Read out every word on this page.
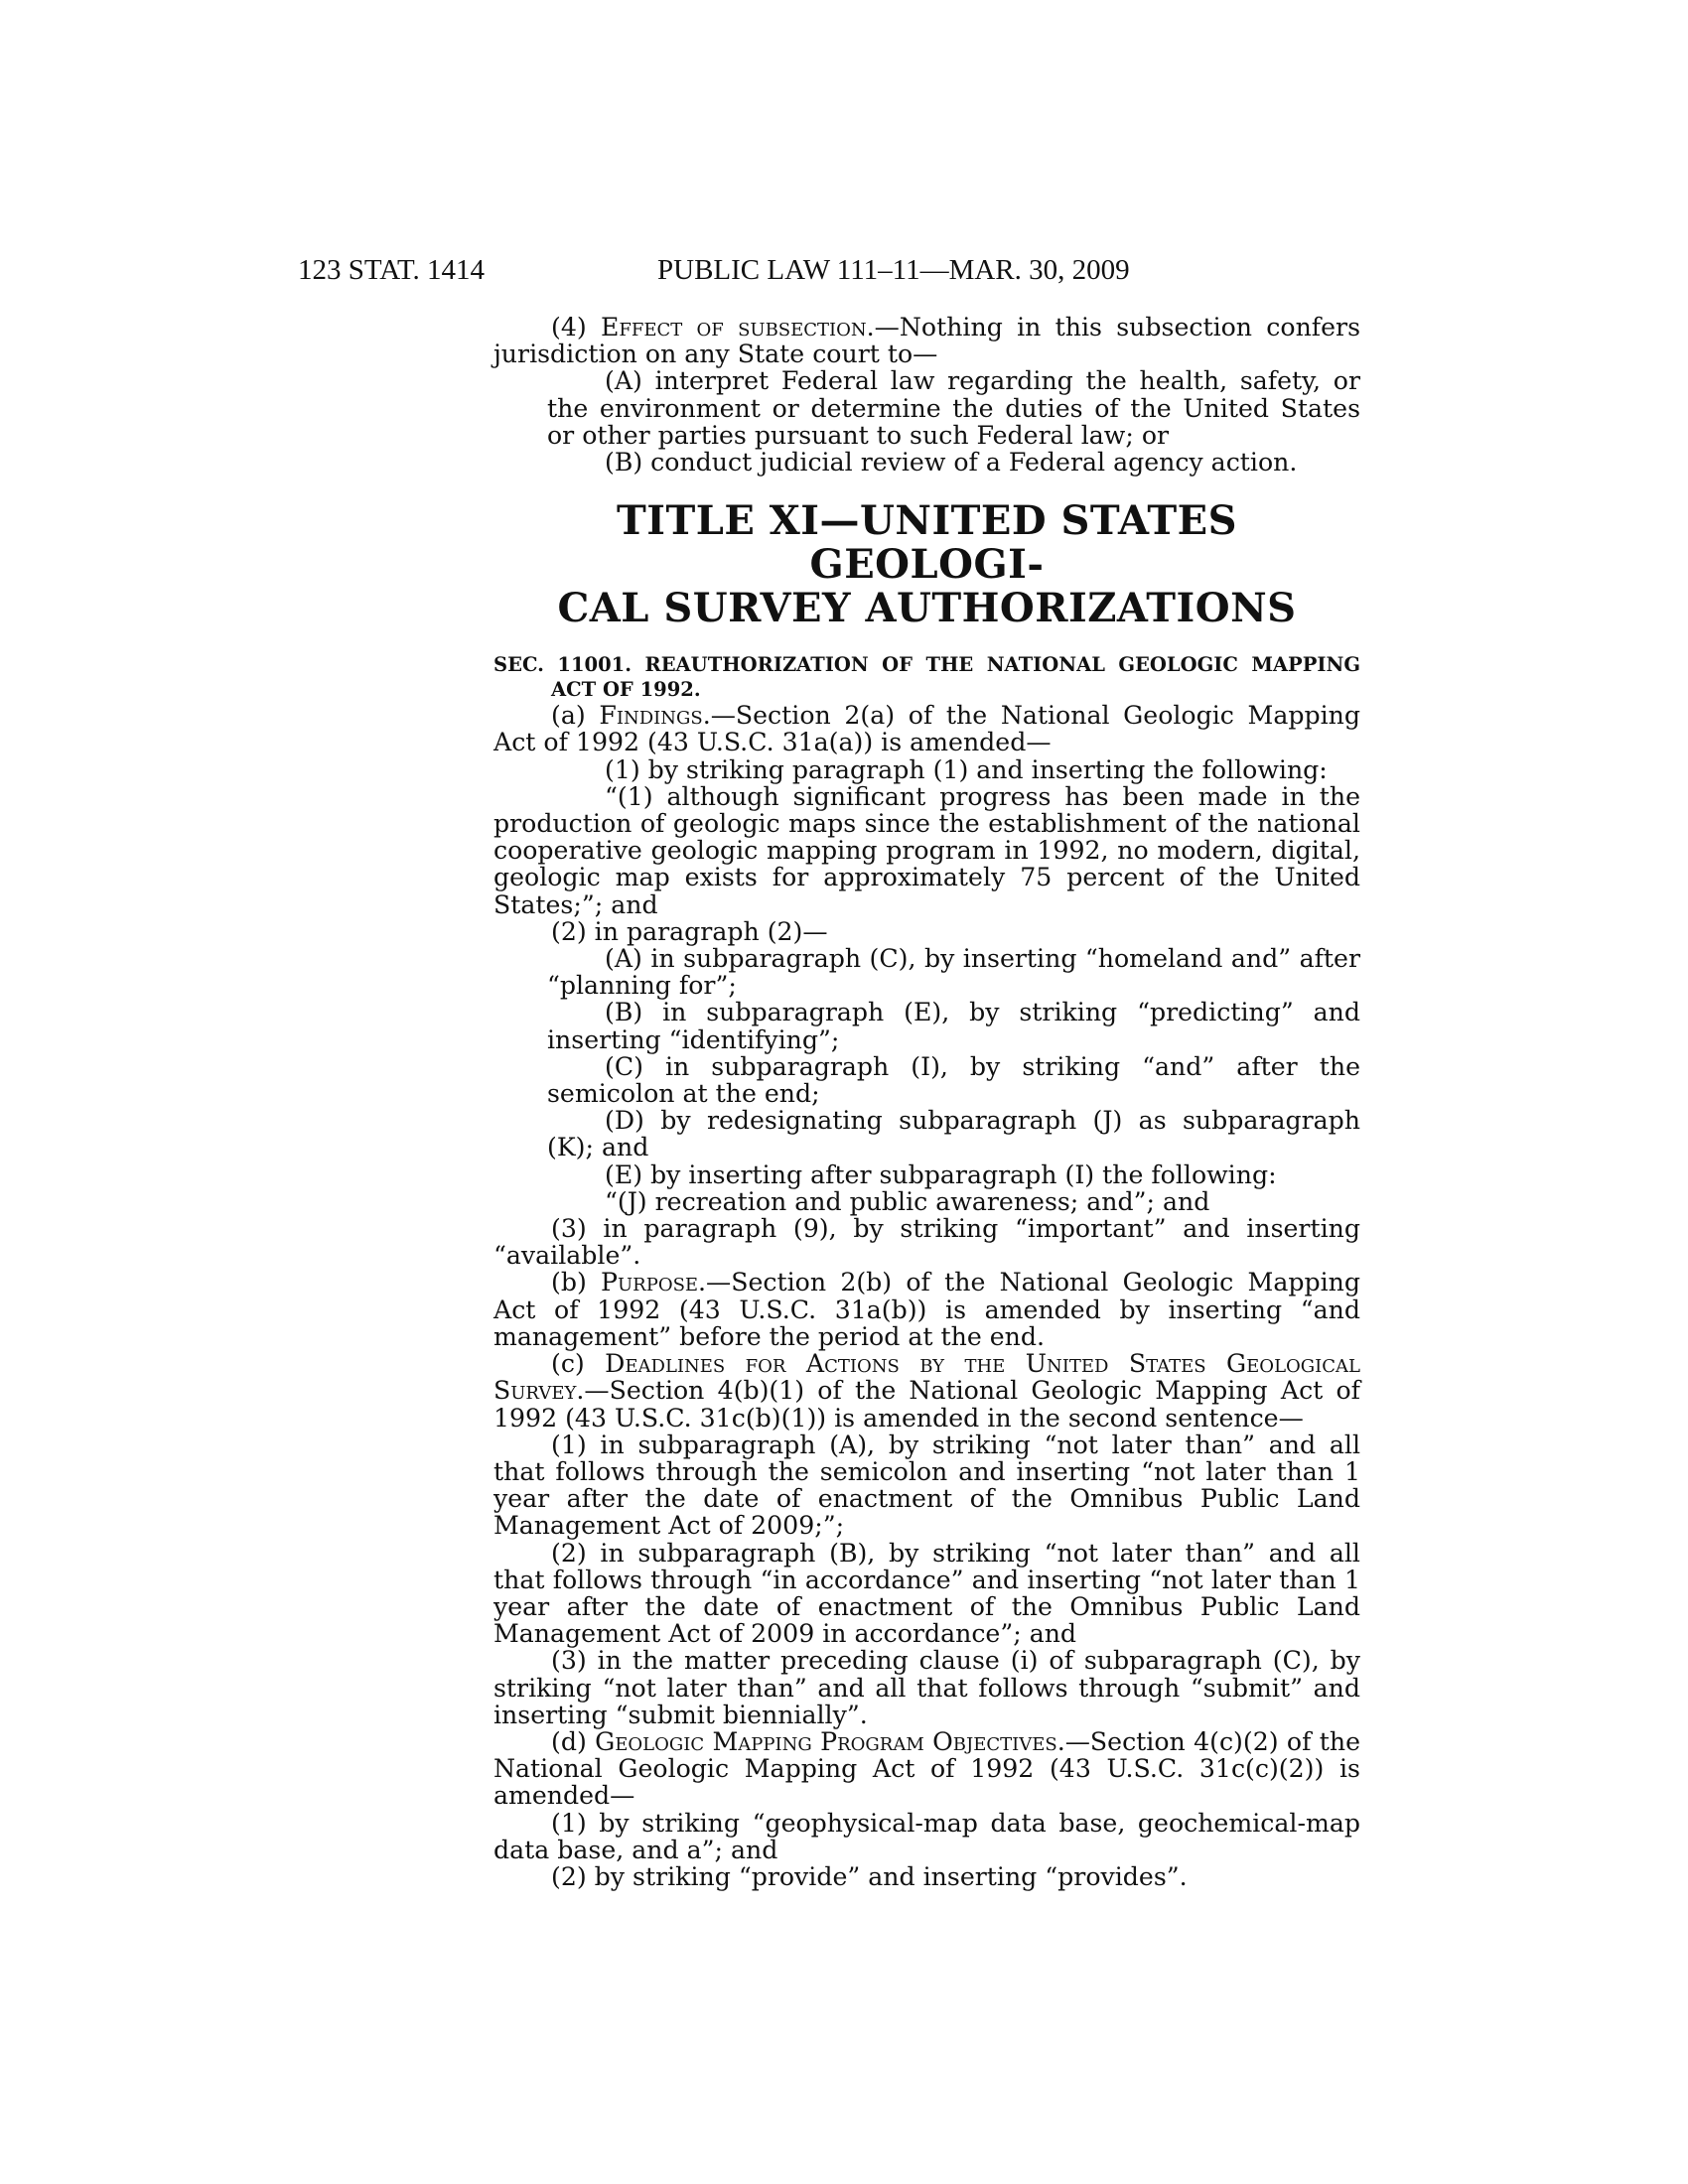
123 STAT. 1414	PUBLIC LAW 111–11—MAR. 30, 2009

(4) Effect of subsection.—Nothing in this subsection confers jurisdiction on any State court to—

(A) interpret Federal law regarding the health, safety, or the environment or determine the duties of the United States or other parties pursuant to such Federal law; or

(B) conduct judicial review of a Federal agency action.

TITLE XI—UNITED STATES GEOLOGI-
CAL SURVEY AUTHORIZATIONS

SEC. 11001. REAUTHORIZATION OF THE NATIONAL GEOLOGIC MAPPING ACT OF 1992.

(a) Findings.—Section 2(a) of the National Geologic Mapping Act of 1992 (43 U.S.C. 31a(a)) is amended—

(1) by striking paragraph (1) and inserting the following:

“(1) although significant progress has been made in the production of geologic maps since the establishment of the national cooperative geologic mapping program in 1992, no modern, digital, geologic map exists for approximately 75 percent of the United States;”; and

(2) in paragraph (2)—

(A) in subparagraph (C), by inserting “homeland and” after “planning for”;

(B) in subparagraph (E), by striking “predicting” and inserting “identifying”;

(C) in subparagraph (I), by striking “and” after the semicolon at the end;

(D) by redesignating subparagraph (J) as subparagraph (K); and

(E) by inserting after subparagraph (I) the following:

“(J) recreation and public awareness; and”; and

(3) in paragraph (9), by striking “important” and inserting “available”.

(b) Purpose.—Section 2(b) of the National Geologic Mapping Act of 1992 (43 U.S.C. 31a(b)) is amended by inserting “and management” before the period at the end.

(c) Deadlines for Actions by the United States Geological Survey.—Section 4(b)(1) of the National Geologic Mapping Act of 1992 (43 U.S.C. 31c(b)(1)) is amended in the second sentence—

(1) in subparagraph (A), by striking “not later than” and all that follows through the semicolon and inserting “not later than 1 year after the date of enactment of the Omnibus Public Land Management Act of 2009;”;

(2) in subparagraph (B), by striking “not later than” and all that follows through “in accordance” and inserting “not later than 1 year after the date of enactment of the Omnibus Public Land Management Act of 2009 in accordance”; and

(3) in the matter preceding clause (i) of subparagraph (C), by striking “not later than” and all that follows through “submit” and inserting “submit biennially”.

(d) Geologic Mapping Program Objectives.—Section 4(c)(2) of the National Geologic Mapping Act of 1992 (43 U.S.C. 31c(c)(2)) is amended—

(1) by striking “geophysical-map data base, geochemical-map data base, and a”; and

(2) by striking “provide” and inserting “provides”.
